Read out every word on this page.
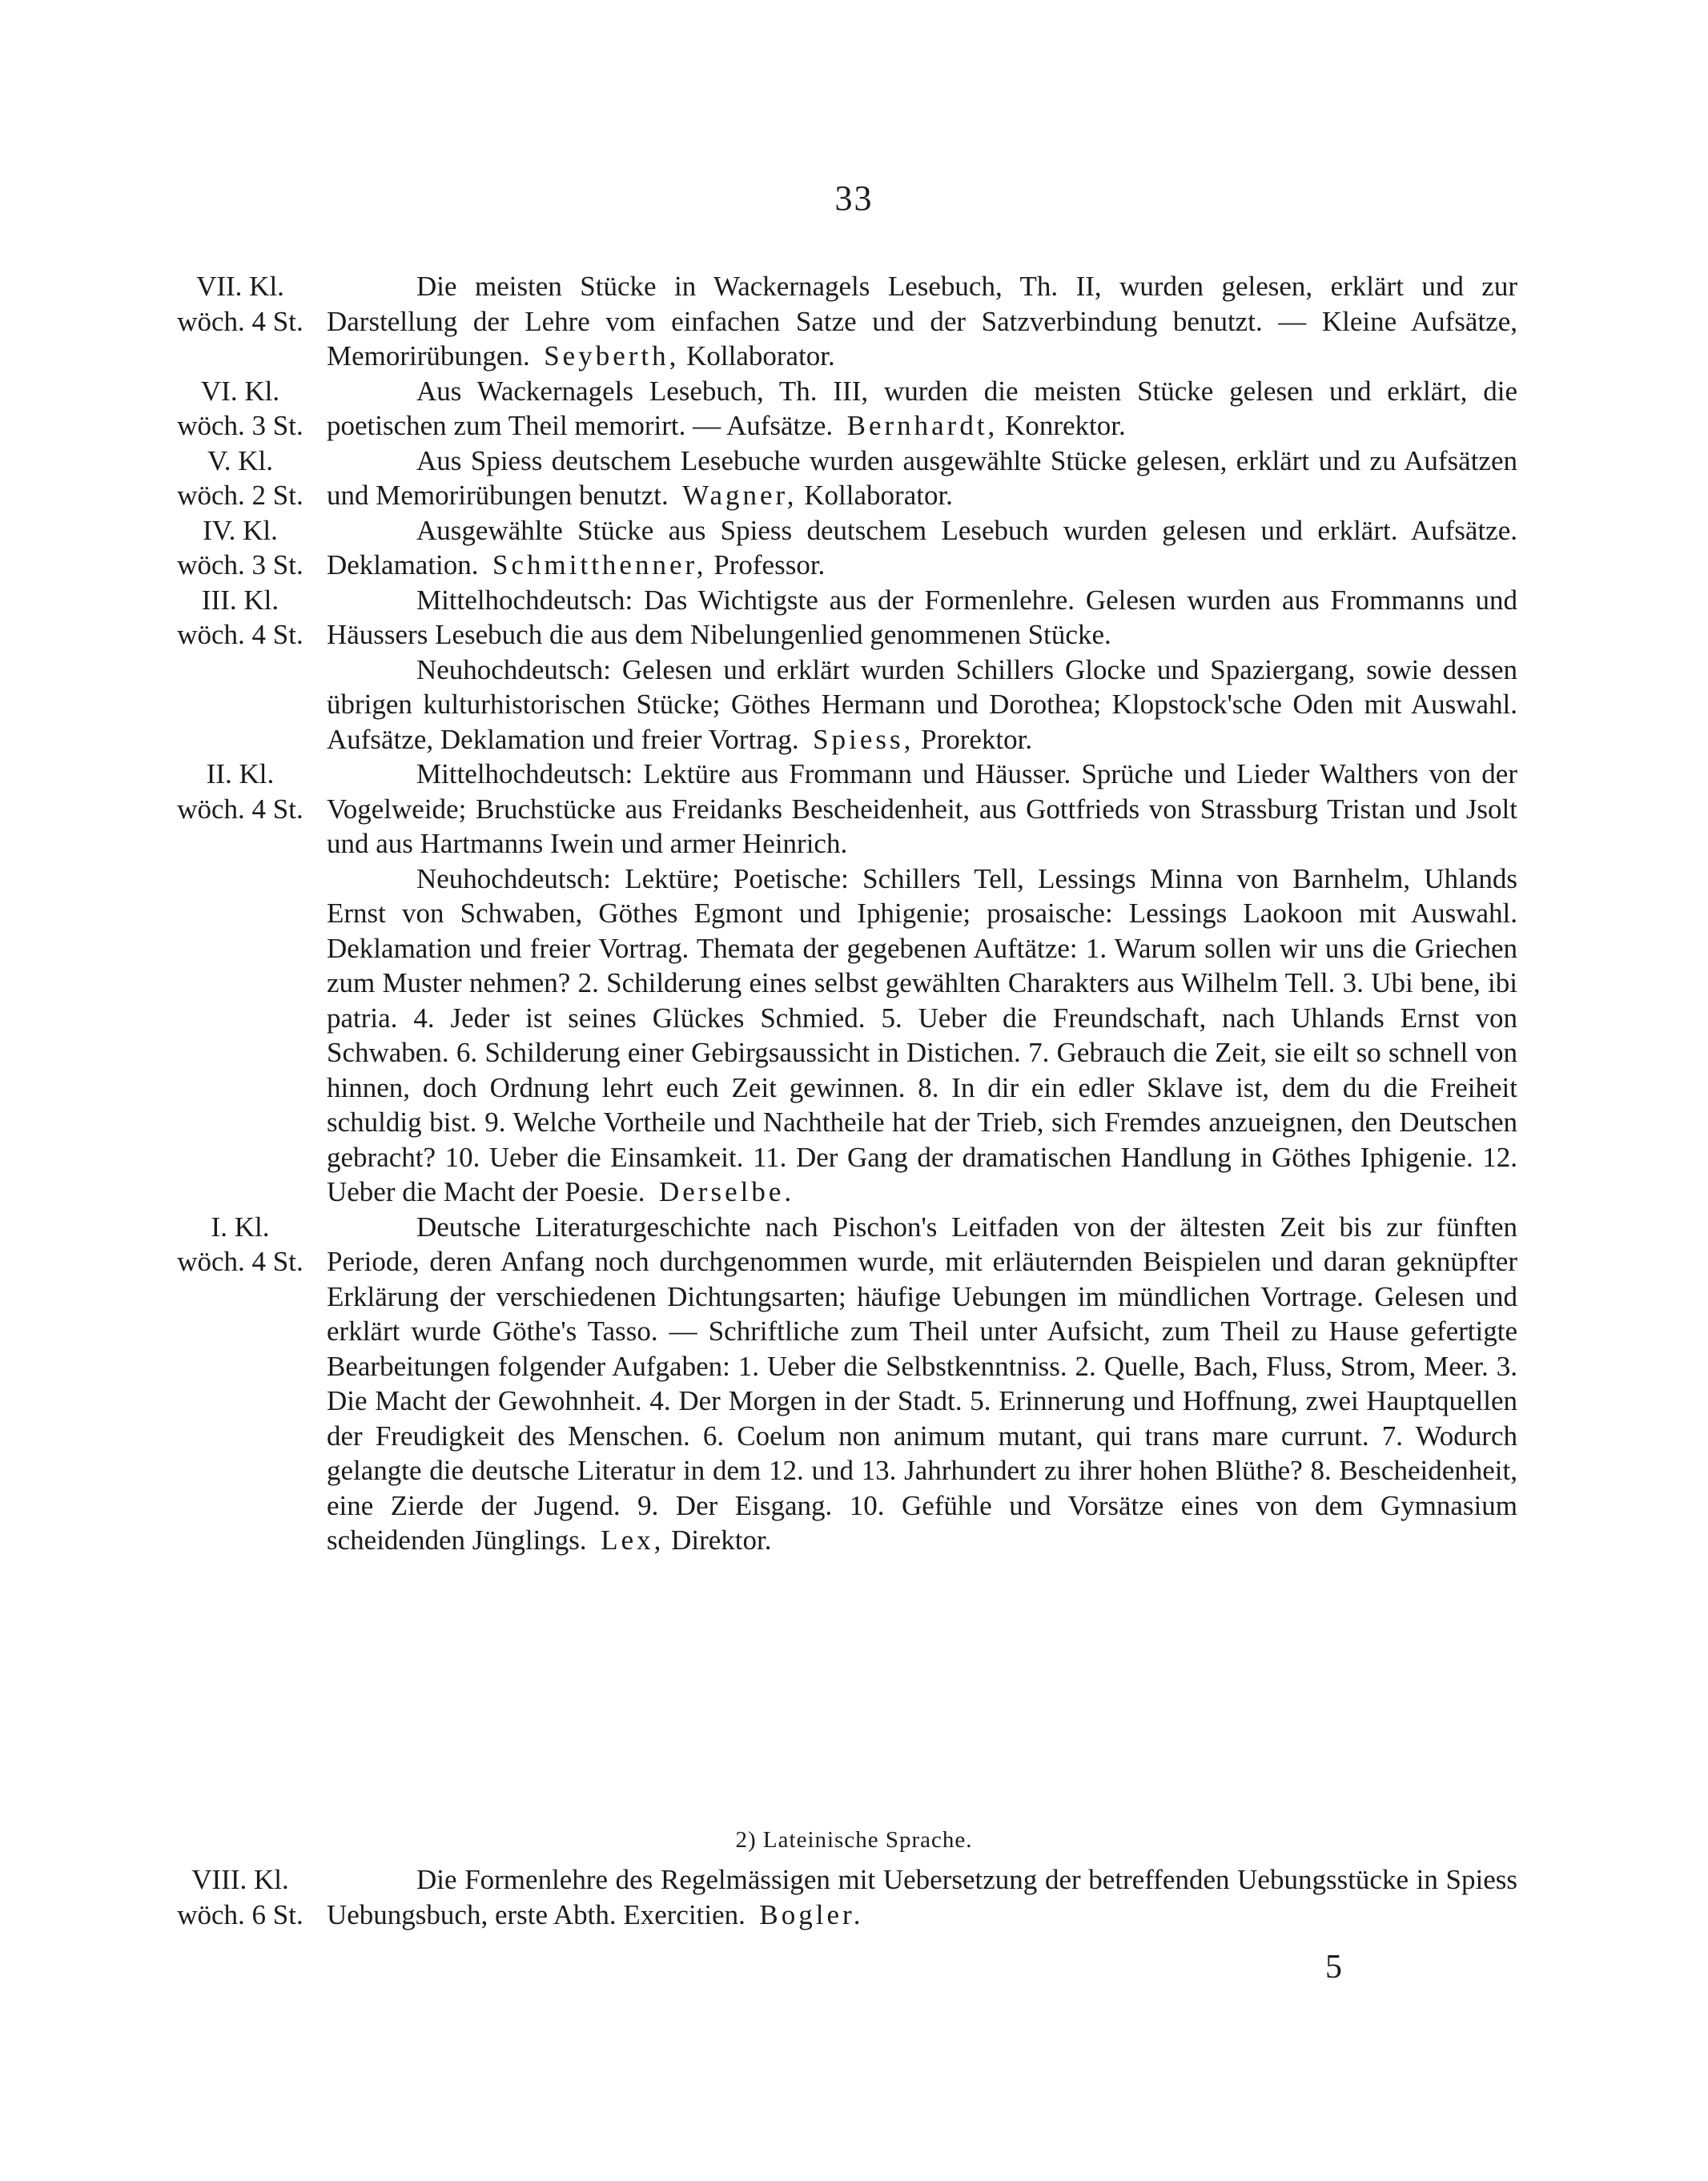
33
VII. Kl.
wöch. 4 St.

Die meisten Stücke in Wackernagels Lesebuch, Th. II, wurden gelesen, erklärt und zur Darstellung der Lehre vom einfachen Satze und der Satzverbindung benutzt. — Kleine Aufsätze, Memorirübungen. Seyberth, Kollaborator.

VI. Kl.
wöch. 3 St.

Aus Wackernagels Lesebuch, Th. III, wurden die meisten Stücke gelesen und erklärt, die poetischen zum Theil memorirt. — Aufsätze. Bernhardt, Konrektor.

V. Kl.
wöch. 2 St.

Aus Spiess deutschem Lesebuche wurden ausgewählte Stücke gelesen, erklärt und zu Aufsätzen und Memorirübungen benutzt. Wagner, Kollaborator.

IV. Kl.
wöch. 3 St.

Ausgewählte Stücke aus Spiess deutschem Lesebuch wurden gelesen und erklärt. Aufsätze. Deklamation. Schmitthenner, Professor.

III. Kl.
wöch. 4 St.

Mittelhochdeutsch: Das Wichtigste aus der Formenlehre. Gelesen wurden aus Frommanns und Häussers Lesebuch die aus dem Nibelungenlied genommenen Stücke.

Neuhochdeutsch: Gelesen und erklärt wurden Schillers Glocke und Spaziergang, sowie dessen übrigen kulturhistorischen Stücke; Göthes Hermann und Dorothea; Klopstock'sche Oden mit Auswahl. Aufsätze, Deklamation und freier Vortrag. Spiess, Prorektor.

II. Kl.
wöch. 4 St.

Mittelhochdeutsch: Lektüre aus Frommann und Häusser. Sprüche und Lieder Walthers von der Vogelweide; Bruchstücke aus Freidanks Bescheidenheit, aus Gottfrieds von Strassburg Tristan und Jsolt und aus Hartmanns Iwein und armer Heinrich.

Neuhochdeutsch: Lektüre; Poetische: Schillers Tell, Lessings Minna von Barnhelm, Uhlands Ernst von Schwaben, Göthes Egmont und Iphigenie; prosaische: Lessings Laokoon mit Auswahl. Deklamation und freier Vortrag. Themata der gegebenen Auftätze: 1. Warum sollen wir uns die Griechen zum Muster nehmen? 2. Schilderung eines selbst gewählten Charakters aus Wilhelm Tell. 3. Ubi bene, ibi patria. 4. Jeder ist seines Glückes Schmied. 5. Ueber die Freundschaft, nach Uhlands Ernst von Schwaben. 6. Schilderung einer Gebirgsaussicht in Distichen. 7. Gebrauch die Zeit, sie eilt so schnell von hinnen, doch Ordnung lehrt euch Zeit gewinnen. 8. In dir ein edler Sklave ist, dem du die Freiheit schuldig bist. 9. Welche Vortheile und Nachtheile hat der Trieb, sich Fremdes anzueignen, den Deutschen gebracht? 10. Ueber die Einsamkeit. 11. Der Gang der dramatischen Handlung in Göthes Iphigenie. 12. Ueber die Macht der Poesie. Derselbe.

I. Kl.
wöch. 4 St.

Deutsche Literaturgeschichte nach Pischon's Leitfaden von der ältesten Zeit bis zur fünften Periode, deren Anfang noch durchgenommen wurde, mit erläuternden Beispielen und daran geknüpfter Erklärung der verschiedenen Dichtungsarten; häufige Uebungen im mündlichen Vortrage. Gelesen und erklärt wurde Göthe's Tasso. — Schriftliche zum Theil unter Aufsicht, zum Theil zu Hause gefertigte Bearbeitungen folgender Aufgaben: 1. Ueber die Selbstkenntniss. 2. Quelle, Bach, Fluss, Strom, Meer. 3. Die Macht der Gewohnheit. 4. Der Morgen in der Stadt. 5. Erinnerung und Hoffnung, zwei Hauptquellen der Freudigkeit des Menschen. 6. Coelum non animum mutant, qui trans mare currunt. 7. Wodurch gelangte die deutsche Literatur in dem 12. und 13. Jahrhundert zu ihrer hohen Blüthe? 8. Bescheidenheit, eine Zierde der Jugend. 9. Der Eisgang. 10. Gefühle und Vorsätze eines von dem Gymnasium scheidenden Jünglings. Lex, Direktor.

2) Lateinische Sprache.
VIII. Kl.
wöch. 6 St.

Die Formenlehre des Regelmässigen mit Uebersetzung der betreffenden Uebungsstücke in Spiess Uebungsbuch, erste Abth. Exercitien. Bogler.

5
